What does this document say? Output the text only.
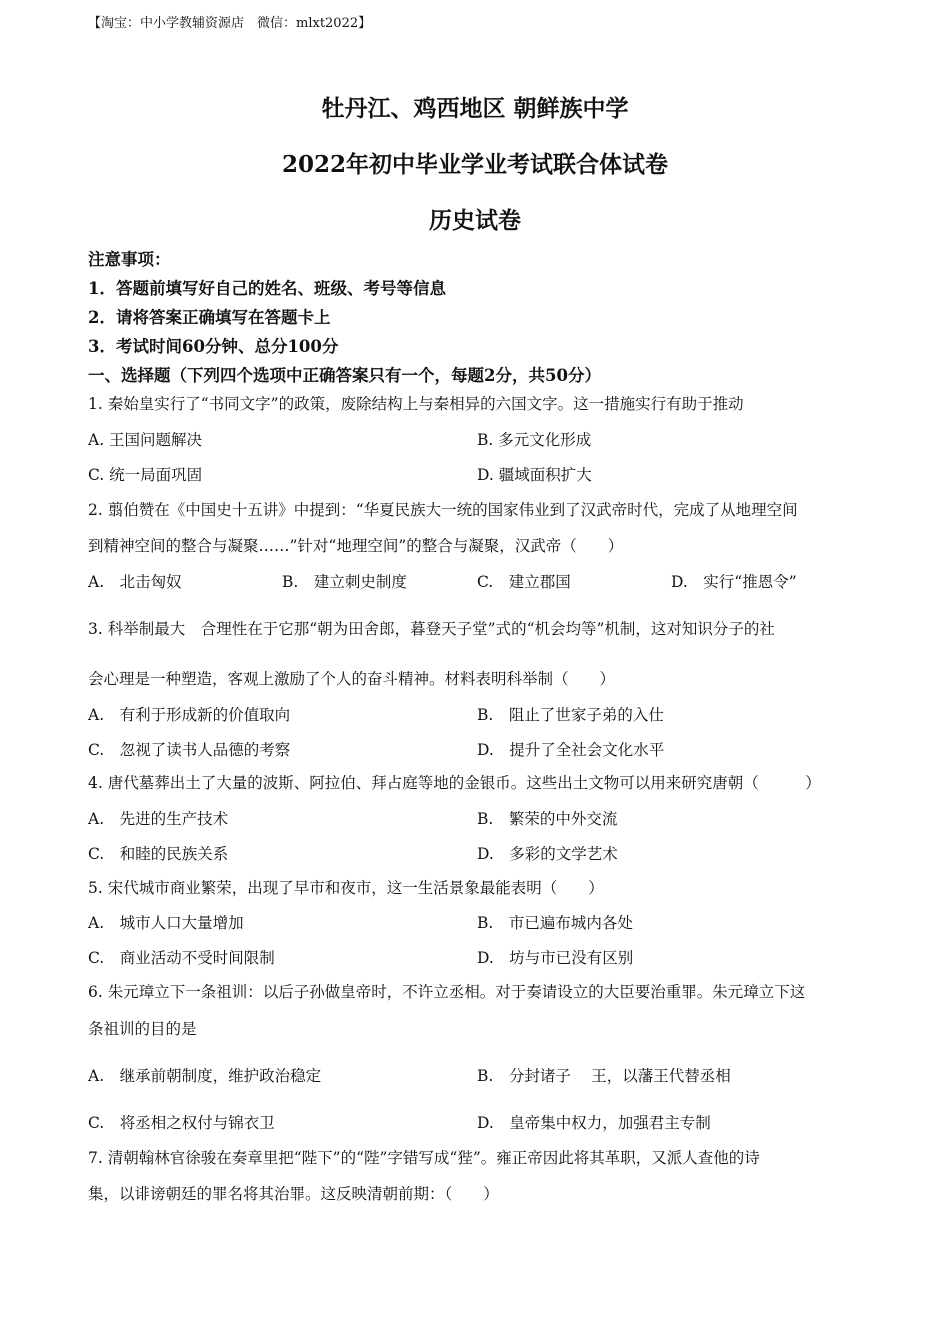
【淘宝：中小学教辅资源店　微信：mlxt2022】
牡丹江、鸡西地区 朝鲜族中学
2022年初中毕业学业考试联合体试卷
历史试卷
注意事项：
1．答题前填写好自己的姓名、班级、考号等信息
2．请将答案正确填写在答题卡上
3．考试时间60分钟、总分100分
一、选择题（下列四个选项中正确答案只有一个，每题2分，共50分）
1. 秦始皇实行了“书同文字”的政策，废除结构上与秦相异的六国文字。这一措施实行有助于推动
A. 王国问题解决	B. 多元文化形成
C. 统一局面巩固	D. 疆域面积扩大
2. 翦伯赞在《中国史十五讲》中提到：“华夏民族大一统的国家伟业到了汉武帝时代，完成了从地理空间
到精神空间的整合与凝聚……”针对“地理空间”的整合与凝聚，汉武帝（　　）
A.　北击匈奴	B.　建立刺史制度	C.　建立郡国	D.　实行“推恩令”
3. 科举制最大　合理性在于它那“朝为田舍郎，暮登天子堂”式的“机会均等”机制，这对知识分子的社
会心理是一种塑造，客观上激励了个人的奋斗精神。材料表明科举制（　　）
A.　有利于形成新的价值取向	B.　阻止了世家子弟的入仕
C.　忽视了读书人品德的考察	D.　提升了全社会文化水平
4. 唐代墓葬出土了大量的波斯、阿拉伯、拜占庭等地的金银币。这些出土文物可以用来研究唐朝（　　　）
A.　先进的生产技术	B.　繁荣的中外交流
C.　和睦的民族关系	D.　多彩的文学艺术
5. 宋代城市商业繁荣，出现了早市和夜市，这一生活景象最能表明（　　）
A.　城市人口大量增加	B.　市已遍布城内各处
C.　商业活动不受时间限制	D.　坊与市已没有区别
6. 朱元璋立下一条祖训：以后子孙做皇帝时，不许立丞相。对于奏请设立的大臣要治重罪。朱元璋立下这
条祖训的目的是
A.　继承前朝制度，维护政治稳定	B.　分封诸子　 王，以藩王代替丞相
C.　将丞相之权付与锦衣卫	D.　皇帝集中权力，加强君主专制
7. 清朝翰林官徐骏在奏章里把“陛下”的“陛”字错写成“狴”。雍正帝因此将其革职，又派人查他的诗
集，以诽谤朝廷的罪名将其治罪。这反映清朝前期：（　　）
